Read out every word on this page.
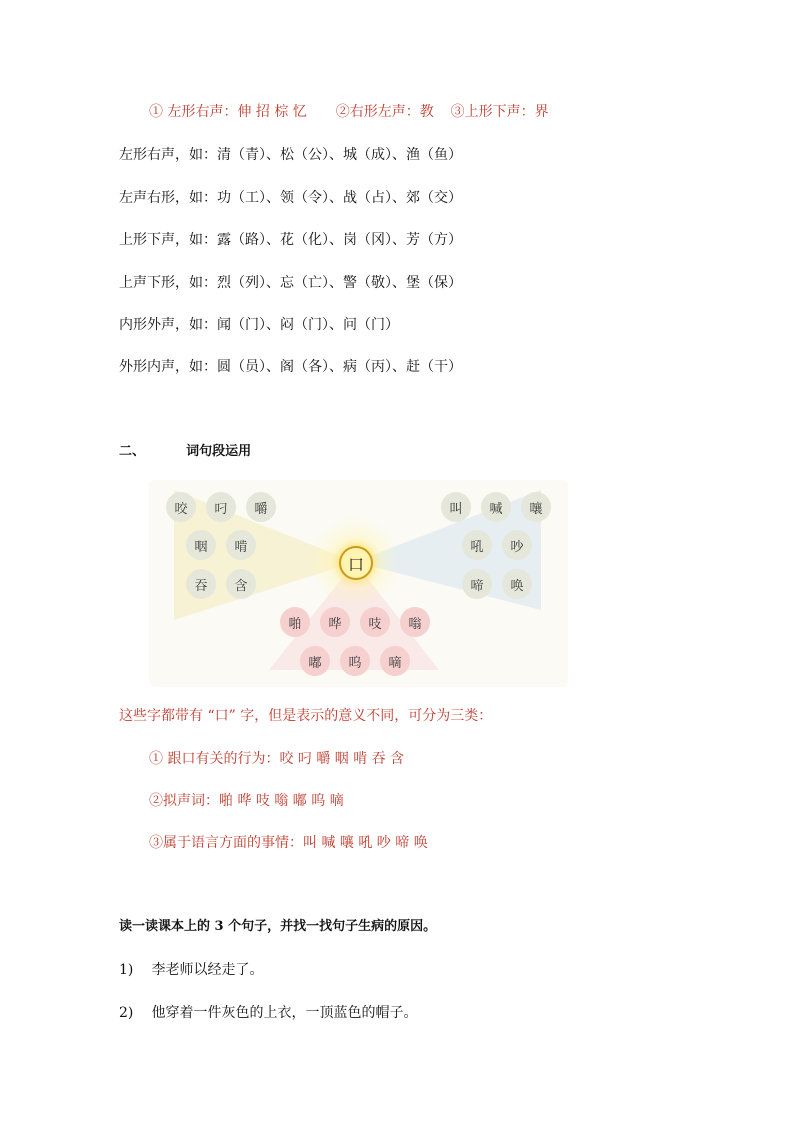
① 左形右声：伸 招 棕 忆 ②右形左声：教 ③上形下声：界
左形右声，如：清（青）、松（公）、城（成）、渔（鱼）
左声右形，如：功（工）、领（令）、战（占）、郊（交）
上形下声，如：露（路）、花（化）、岗（冈）、芳（方）
上声下形，如：烈（列）、忘（亡）、警（敬）、堡（保）
内形外声，如：闻（门）、闷（门）、问（门）
外形内声，如：圆（员）、阁（各）、病（丙）、赶（干）
二、	词句段运用
口
咬	叼	嚼
咽	啃
吞	含
叫	喊	嚷
吼	吵
啼	唤
啪	哗	吱	嗡
嘟	呜	嘀
这些字都带有 “口” 字，但是表示的意义不同，可分为三类：
① 跟口有关的行为：咬 叼 嚼 咽 啃 吞 含
②拟声词：啪 哗 吱 嗡 嘟 呜 嘀
③属于语言方面的事情：叫 喊 嚷 吼 吵 啼 唤
读一读课本上的 3 个句子，并找一找句子生病的原因。
1) 李老师以经走了。
2) 他穿着一件灰色的上衣，一顶蓝色的帽子。
